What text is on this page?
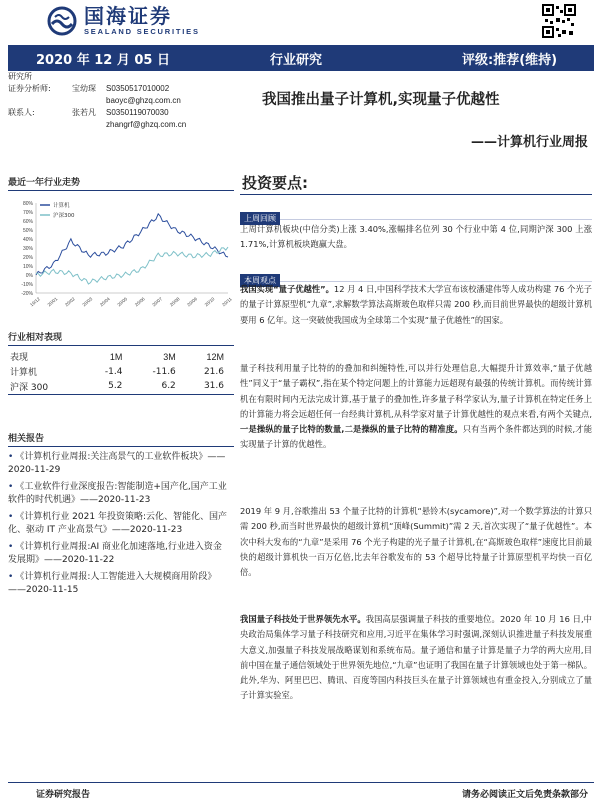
国海证券
SEALAND SECURITIES
2020 年 12 月 05 日	行业研究	评级:推荐(维持)
研究所
证券分析师:	宝幼琛	S0350517010002
baoyc@ghzq.com.cn
联系人:	张若凡	S0350119070030
zhangrf@ghzq.com.cn
最近一年行业走势
80%
70%
60%
50%
40%
30%
20%
10%
0%
-10%
-20%
19/12 20/01 20/02 20/03 20/04 20/05 20/06 20/07 20/08 20/09 20/10 20/11
计算机
沪深300
行业相对表现
表现	1M	3M	12M
计算机	-1.4	-11.6	21.6
沪深 300	5.2	6.2	31.6
相关报告
• 《计算机行业周报:关注高景气的工业软件板块》——2020-11-29
• 《工业软件行业深度报告:智能制造+国产化,国产工业软件的时代机遇》——2020-11-23
• 《计算机行业 2021 年投资策略:云化、智能化、国产化、驱动 IT 产业高景气》——2020-11-23
• 《计算机行业周报:AI 商业化加速落地,行业进入资金发展期》——2020-11-22
• 《计算机行业周报:人工智能进入大规模商用阶段》——2020-11-15
我国推出量子计算机,实现量子优越性
——计算机行业周报
投资要点:
上周回顾
上周计算机板块(中信分类)上涨 3.40%,涨幅排名位列 30 个行业中第 4 位,同期沪深 300 上涨 1.71%,计算机板块跑赢大盘。
本周观点
我国实现“量子优越性”。12 月 4 日,中国科学技术大学宣布该校潘建伟等人成功构建 76 个光子的量子计算原型机“九章”,求解数学算法高斯玻色取样只需 200 秒,而目前世界最快的超级计算机要用 6 亿年。这一突破使我国成为全球第二个实现“量子优越性”的国家。
量子科技利用量子比特的的叠加和纠缠特性,可以并行处理信息,大幅提升计算效率,“量子优越性”同义于“量子霸权”,指在某个特定问题上的计算能力远超现有最强的传统计算机。而传统计算机在有限时间内无法完成计算,基于量子的叠加性,许多量子科学家认为,量子计算机在特定任务上的计算能力将会远超任何一台经典计算机,从科学家对量子计算优越性的观点来看,有两个关键点,一是操纵的量子比特的数量,二是操纵的量子比特的精准度。只有当两个条件都达到的时候,才能实现量子计算的优越性。
2019 年 9 月,谷歌推出 53 个量子比特的计算机“悬铃木(sycamore)”,对一个数学算法的计算只需 200 秒,而当时世界最快的超级计算机“顶峰(Summit)”需 2 天,首次实现了“量子优越性”。本次中科大发布的“九章”是采用 76 个光子构建的光子量子计算机,在“高斯玻色取样”速度比目前最快的超级计算机快一百万亿倍,比去年谷歌发布的 53 个超导比特量子计算原型机平均快一百亿倍。
我国量子科技处于世界领先水平。我国高层强调量子科技的重要地位。2020 年 10 月 16 日,中央政治局集体学习量子科技研究和应用,习近平在集体学习时强调,深刻认识推进量子科技发展重大意义,加强量子科技发展战略谋划和系统布局。量子通信和量子计算是量子力学的两大应用,目前中国在量子通信领域处于世界领先地位,“九章”也证明了我国在量子计算领域也处于第一梯队。 此外,华为、阿里巴巴、腾讯、百度等国内科技巨头在量子计算领域也有重金投入,分别成立了量子计算实验室。
证券研究报告	请务必阅读正文后免责条款部分
